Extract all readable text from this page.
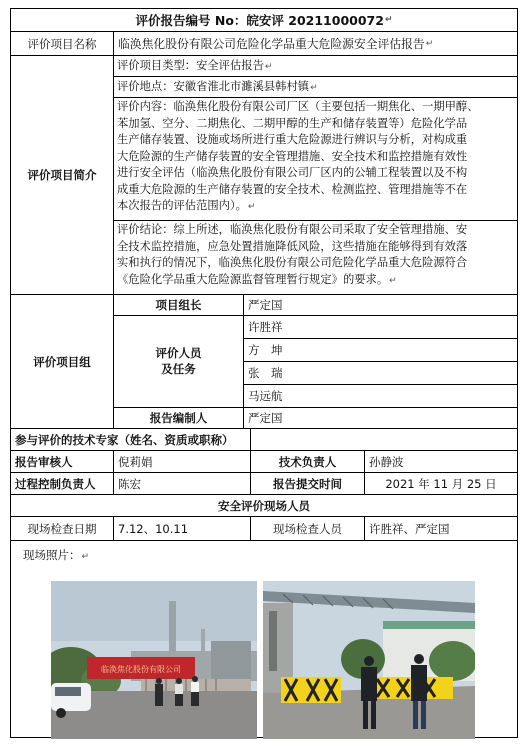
评价报告编号 No：皖安评 20211000072 ↵
评价项目名称 临涣焦化股份有限公司危险化学品重大危险源安全评估报告 ↵
评价项目简介
评价项目类型：安全评估报告↵
评价地点：安徽省淮北市濉溪县韩村镇↵
评价内容：临涣焦化股份有限公司厂区（主要包括一期焦化、一期甲醇、
苯加氢、空分、二期焦化、二期甲醇的生产和储存装置等）危险化学品
生产储存装置、设施或场所进行重大危险源进行辨识与分析，对构成重
大危险源的生产储存装置的安全管理措施、安全技术和监控措施有效性
进行安全评估（临涣焦化股份有限公司厂区内的公辅工程装置以及不构
成重大危险源的生产储存装置的安全技术、检测监控、管理措施等不在
本次报告的评估范围内）。↵
评价结论：综上所述，临涣焦化股份有限公司采取了安全管理措施、安
全技术监控措施，应急处置措施降低风险，这些措施在能够得到有效落
实和执行的情况下，临涣焦化股份有限公司危险化学品重大危险源符合
《危险化学品重大危险源监督管理暂行规定》的要求。↵
评价项目组
项目组长	严定国
评价人员
及任务
许胜祥
方　坤
张　瑞
马远航
报告编制人	严定国
参与评价的技术专家（姓名、资质或职称）
报告审核人	倪莉娟	技术负责人	孙静波
过程控制负责人 陈宏	报告提交时间	2021 年 11 月 25 日
安全评价现场人员
现场检查日期 7.12、10.11	现场检查人员 许胜祥、严定国
现场照片：↵
临涣焦化股份有限公司
